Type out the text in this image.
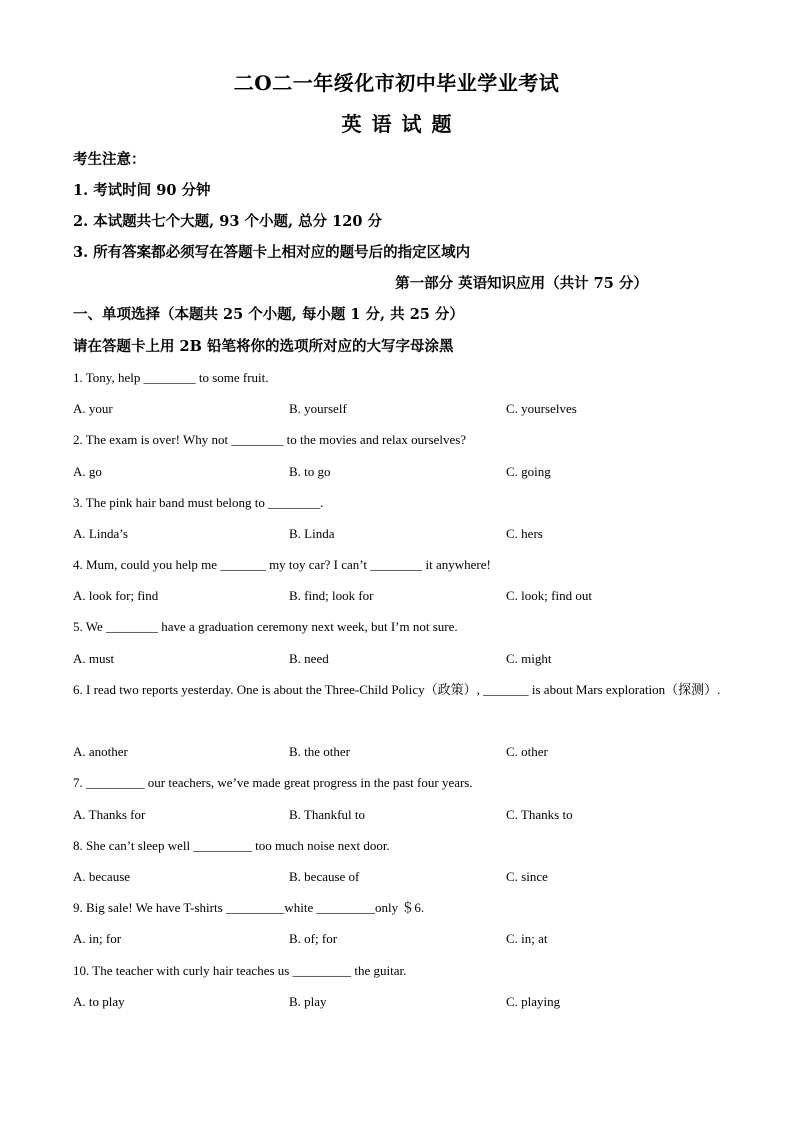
二O二一年绥化市初中毕业学业考试
英语试题
考生注意：
1. 考试时间 90 分钟
2. 本试题共七个大题, 93 个小题, 总分 120 分
3. 所有答案都必须写在答题卡上相对应的题号后的指定区域内
第一部分 英语知识应用（共计 75 分）
一、单项选择（本题共 25 个小题, 每小题 1 分, 共 25 分）
请在答题卡上用 2B 铅笔将你的选项所对应的大写字母涂黑
1. Tony, help ________ to some fruit.
A. your	B. yourself	C. yourselves
2. The exam is over! Why not ________ to the movies and relax ourselves?
A. go	B. to go	C. going
3. The pink hair band must belong to ________.
A. Linda’s	B. Linda	C. hers
4. Mum, could you help me _______ my toy car? I can’t ________ it anywhere!
A. look for; find	B. find; look for	C. look; find out
5. We ________ have a graduation ceremony next week, but I’m not sure.
A. must	B. need	C. might
6. I read two reports yesterday. One is about the Three-Child Policy（政策）, _______ is about Mars exploration（探测）.
A. another	B. the other	C. other
7. _________ our teachers, we’ve made great progress in the past four years.
A. Thanks for	B. Thankful to	C. Thanks to
8. She can’t sleep well _________ too much noise next door.
A. because	B. because of	C. since
9. Big sale! We have T-shirts _________white _________only ＄6.
A. in; for	B. of; for	C. in; at
10. The teacher with curly hair teaches us _________ the guitar.
A. to play	B. play	C. playing
